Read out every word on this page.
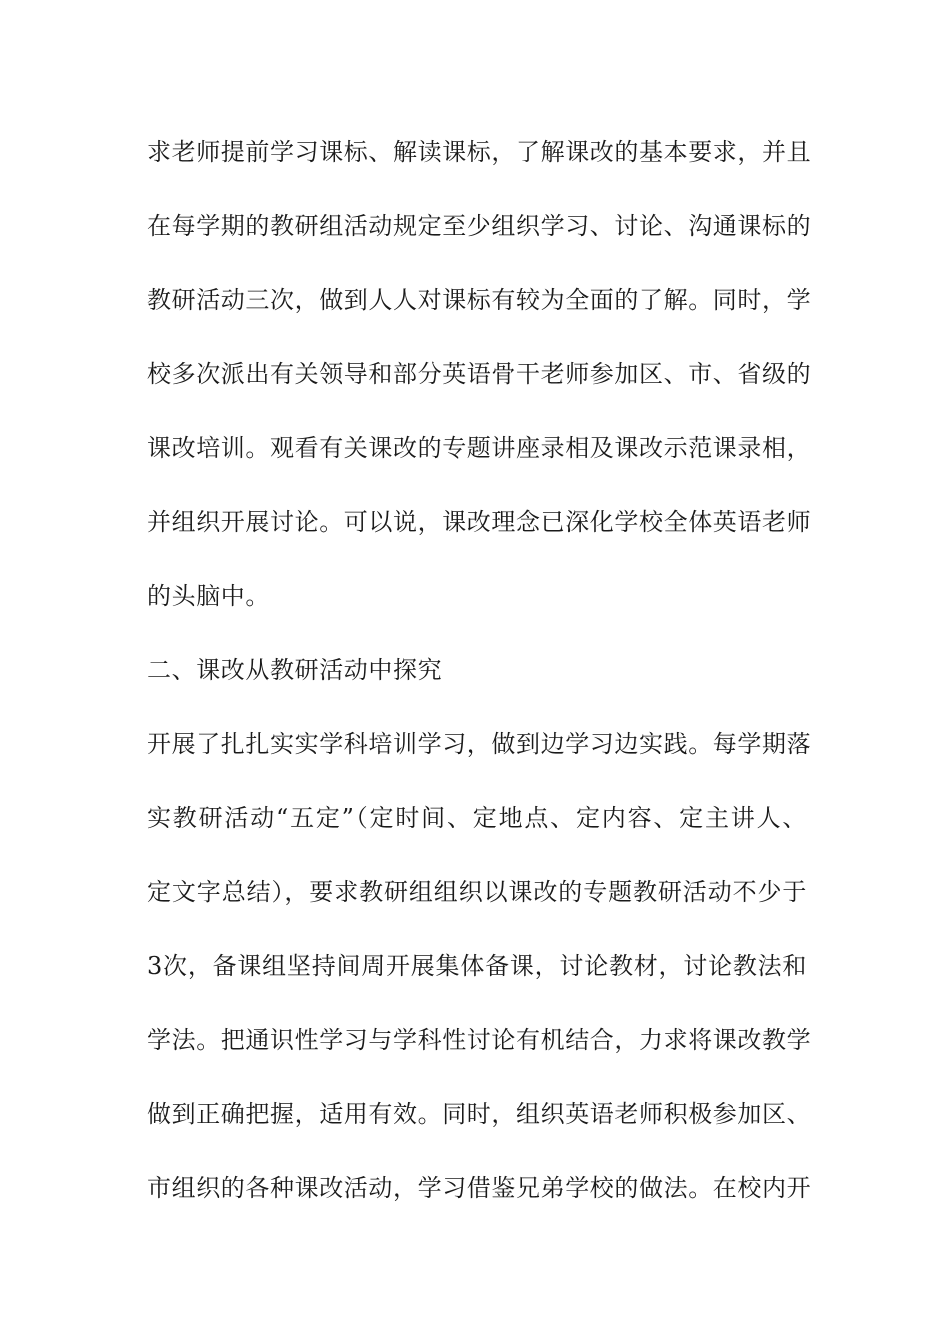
求老师提前学习课标、解读课标，了解课改的基本要求，并且
在每学期的教研组活动规定至少组织学习、讨论、沟通课标的
教研活动三次，做到人人对课标有较为全面的了解。同时，学
校多次派出有关领导和部分英语骨干老师参加区、市、省级的
课改培训。观看有关课改的专题讲座录相及课改示范课录相，
并组织开展讨论。可以说，课改理念已深化学校全体英语老师
的头脑中。
二、课改从教研活动中探究
开展了扎扎实实学科培训学习，做到边学习边实践。每学期落
实教研活动“五定”（定时间、定地点、定内容、定主讲人、
定文字总结），要求教研组组织以课改的专题教研活动不少于
3次，备课组坚持间周开展集体备课，讨论教材，讨论教法和
学法。把通识性学习与学科性讨论有机结合，力求将课改教学
做到正确把握，适用有效。同时，组织英语老师积极参加区、
市组织的各种课改活动，学习借鉴兄弟学校的做法。在校内开
